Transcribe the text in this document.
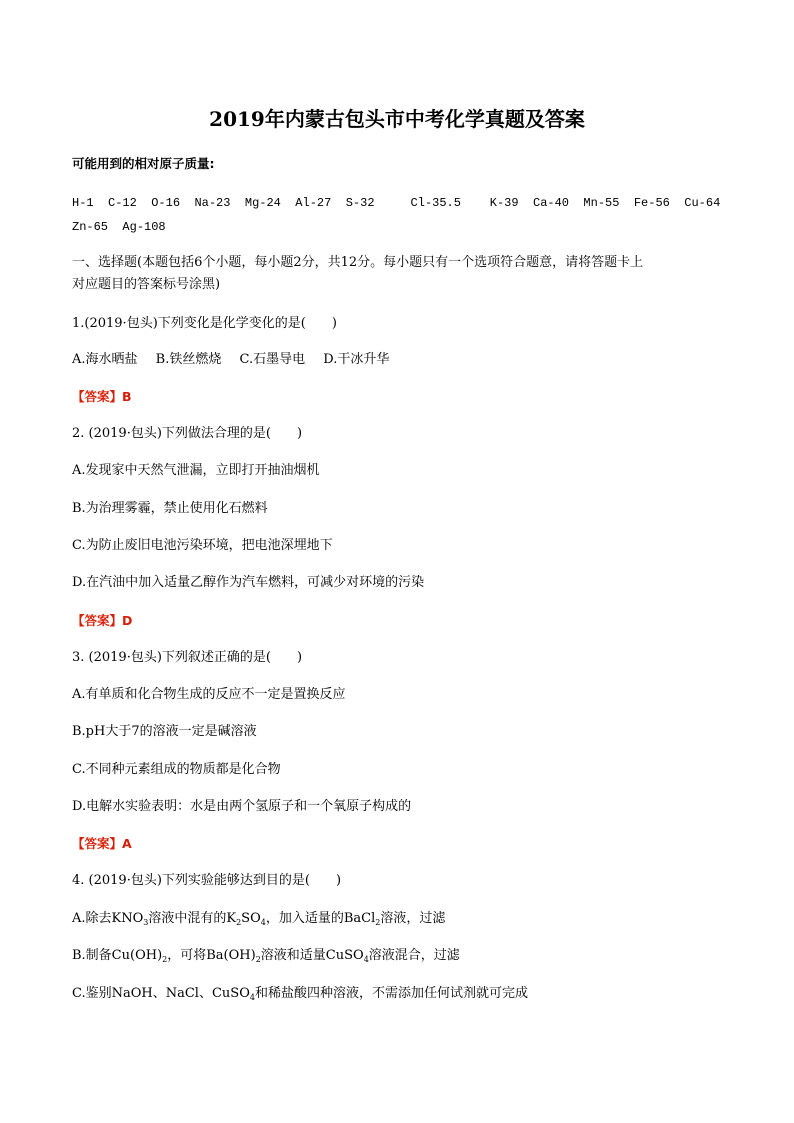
2019年内蒙古包头市中考化学真题及答案
可能用到的相对原子质量:
H-1 C-12 O-16 Na-23 Mg-24 Al-27 S-32	Cl-35.5 K-39 Ca-40 Mn-55 Fe-56 Cu-64
Zn-65 Ag-108
一、选择题(本题包括6个小题，每小题2分，共12分。每小题只有一个选项符合题意，请将答题卡上
对应题目的答案标号涂黑)
1.(2019·包头)下列变化是化学变化的是(　　)
A.海水晒盐 B.铁丝燃烧 C.石墨导电 D.干冰升华
【答案】B
2. (2019·包头)下列做法合理的是(　　)
A.发现家中天然气泄漏，立即打开抽油烟机
B.为治理雾霾，禁止使用化石燃料
C.为防止废旧电池污染环境，把电池深埋地下
D.在汽油中加入适量乙醇作为汽车燃料，可减少对环境的污染
【答案】D
3. (2019·包头)下列叙述正确的是(　　)
A.有单质和化合物生成的反应不一定是置换反应
B.pH大于7的溶液一定是碱溶液
C.不同种元素组成的物质都是化合物
D.电解水实验表明：水是由两个氢原子和一个氧原子构成的
【答案】A
4. (2019·包头)下列实验能够达到目的是(　　)
A.除去$KNO_3$溶液中混有的$K_2SO_4$，加入适量的BaCl$_2$溶液，过滤
B.制备$Cu(OH)_2$，可将$Ba(OH)_2$溶液和适量CuSO$_4$溶液混合，过滤
C.鉴别NaOH、NaCl、CuSO$_4$和稀盐酸四种溶液，不需添加任何试剂就可完成
